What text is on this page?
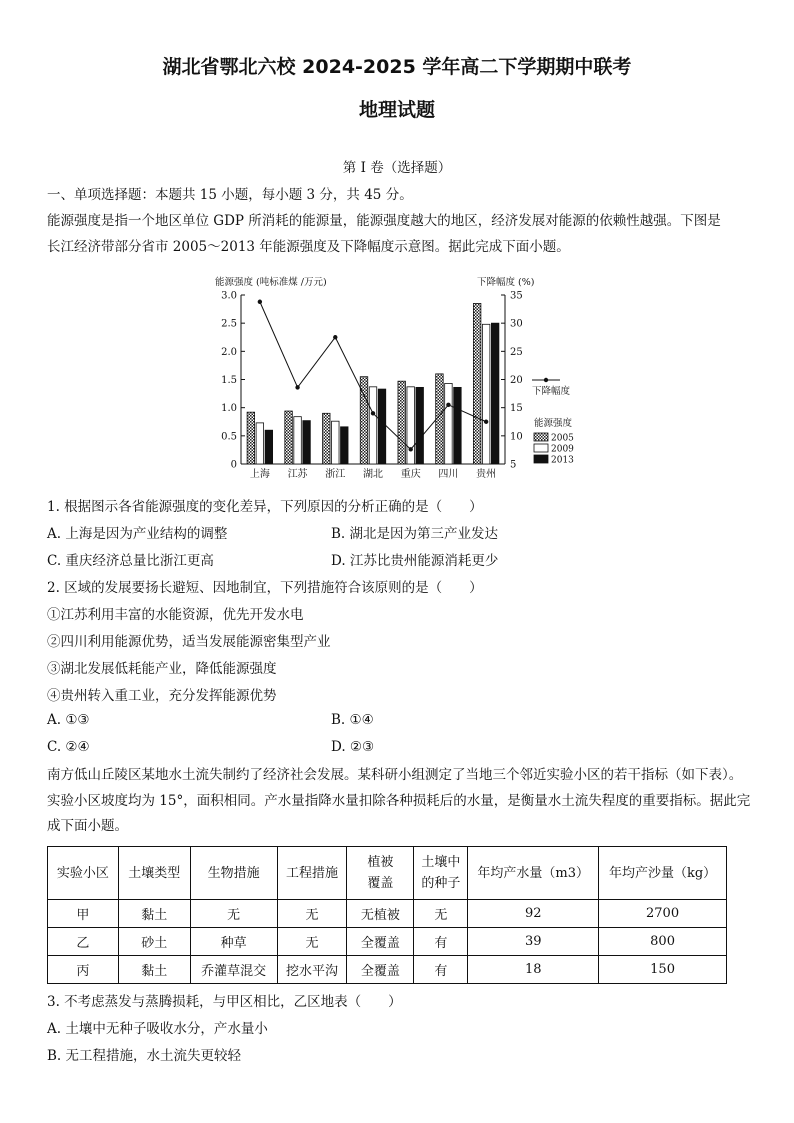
湖北省鄂北六校 2024-2025 学年高二下学期期中联考
地理试题
第 I 卷（选择题）
一、单项选择题：本题共 15 小题，每小题 3 分，共 45 分。
能源强度是指一个地区单位 GDP 所消耗的能源量，能源强度越大的地区，经济发展对能源的依赖性越强。下图是
长江经济带部分省市 2005～2013 年能源强度及下降幅度示意图。据此完成下面小题。
能源强度 (吨标准煤 /万元)	下降幅度 (%)
0
0.5
1.0
1.5
2.0
2.5
3.0
5
10
15
20
25
30
35
上海 江苏 浙江 湖北 重庆 四川 贵州
下降幅度
能源强度
2005
2009
2013
1. 根据图示各省能源强度的变化差异，下列原因的分析正确的是（　　）
A. 上海是因为产业结构的调整	B. 湖北是因为第三产业发达
C. 重庆经济总量比浙江更高	D. 江苏比贵州能源消耗更少
2. 区域的发展要扬长避短、因地制宜，下列措施符合该原则的是（　　）
①江苏利用丰富的水能资源，优先开发水电
②四川利用能源优势，适当发展能源密集型产业
③湖北发展低耗能产业，降低能源强度
④贵州转入重工业，充分发挥能源优势
A. ①③	B. ①④
C. ②④	D. ②③
南方低山丘陵区某地水土流失制约了经济社会发展。某科研小组测定了当地三个邻近实验小区的若干指标（如下表）。实验小区坡度均为 15°，面积相同。产水量指降水量扣除各种损耗后的水量，是衡量水土流失程度的重要指标。据此完成下面小题。
实验小区	土壤类型	生物措施	工程措施	植被覆盖	土壤中的种子	年均产水量（m3）	年均产沙量（kg）
甲	黏土	无	无	无植被	无	92	2700
乙	砂土	种草	无	全覆盖	有	39	800
丙	黏土	乔灌草混交	挖水平沟	全覆盖	有	18	150
3. 不考虑蒸发与蒸腾损耗，与甲区相比，乙区地表（　　）
A. 土壤中无种子吸收水分，产水量小
B. 无工程措施，水土流失更较轻
